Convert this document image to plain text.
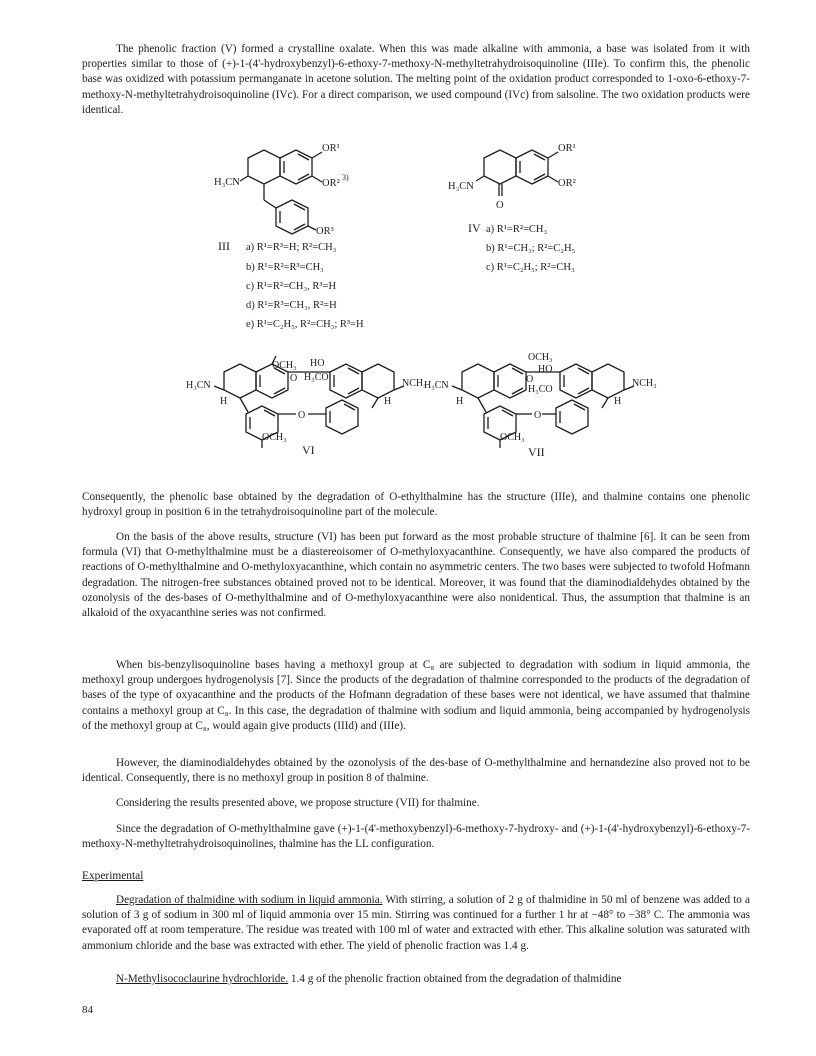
The phenolic fraction (V) formed a crystalline oxalate. When this was made alkaline with ammonia, a base was isolated from it with properties similar to those of (+)-1-(4'-hydroxybenzyl)-6-ethoxy-7-methoxy-N-methyltetrahydroisoquinoline (IIIe). To confirm this, the phenolic base was oxidized with potassium permanganate in acetone solution. The melting point of the oxidation product corresponded to 1-oxo-6-ethoxy-7-methoxy-N-methyltetrahydroisoquinoline (IVc). For a direct comparison, we used compound (IVc) from salsoline. The two oxidation products were identical.

H₃CN
OR¹
OR²
3)
OR³
III a) R¹=R³=H; R²=CH₃
b) R¹=R²=R³=CH₃
c) R¹=R²=CH₃, R³=H
d) R¹=R³=CH₃, R²=H
e) R¹=C₂H₅, R²=CH₃; R³=H
H₃CN
OR¹
OR²
O
IV a) R¹=R²=CH₃
b) R¹=CH₃; R²=C₂H₅
c) R¹=C₂H₅; R²=CH₃
H₃CN
H
OCH₃ HO
H₃CO
O	NCH₃
H
O
OCH₃
VI
H₃CN
H
OCH₃
HO
O
H₃CO
NCH₃
H
O
OCH₃
VII

Consequently, the phenolic base obtained by the degradation of O-ethylthalmine has the structure (IIIe), and thalmine contains one phenolic hydroxyl group in position 6 in the tetrahydroisoquinoline part of the molecule.

On the basis of the above results, structure (VI) has been put forward as the most probable structure of thalmine [6]. It can be seen from formula (VI) that O-methylthalmine must be a diastereoisomer of O-methyloxyacanthine. Consequently, we have also compared the products of reactions of O-methylthalmine and O-methyloxyacanthine, which contain no asymmetric centers. The two bases were subjected to twofold Hofmann degradation. The nitrogen-free substances obtained proved not to be identical. Moreover, it was found that the diaminodialdehydes obtained by the ozonolysis of the des-bases of O-methylthalmine and of O-methyloxyacanthine were also nonidentical. Thus, the assumption that thalmine is an alkaloid of the oxyacanthine series was not confirmed.

When bis-benzylisoquinoline bases having a methoxyl group at C₈ are subjected to degradation with sodium in liquid ammonia, the methoxyl group undergoes hydrogenolysis [7]. Since the products of the degradation of thalmine corresponded to the products of the degradation of bases of the type of oxyacanthine and the products of the Hofmann degradation of these bases were not identical, we have assumed that thalmine contains a methoxyl group at C₈. In this case, the degradation of thalmine with sodium and liquid ammonia, being accompanied by hydrogenolysis of the methoxyl group at C₈, would again give products (IIId) and (IIIe).

However, the diaminodialdehydes obtained by the ozonolysis of the des-base of O-methylthalmine and hernandezine also proved not to be identical. Consequently, there is no methoxyl group in position 8 of thalmine.

Considering the results presented above, we propose structure (VII) for thalmine.

Since the degradation of O-methylthalmine gave (+)-1-(4'-methoxybenzyl)-6-methoxy-7-hydroxy- and (+)-1-(4'-hydroxybenzyl)-6-ethoxy-7-methoxy-N-methyltetrahydroisoquinolines, thalmine has the LL configuration.

Experimental

Degradation of thalmidine with sodium in liquid ammonia. With stirring, a solution of 2 g of thalmidine in 50 ml of benzene was added to a solution of 3 g of sodium in 300 ml of liquid ammonia over 15 min. Stirring was continued for a further 1 hr at −48° to −38° C. The ammonia was evaporated off at room temperature. The residue was treated with 100 ml of water and extracted with ether. This alkaline solution was saturated with ammonium chloride and the base was extracted with ether. The yield of phenolic fraction was 1.4 g.

N-Methylisococlaurine hydrochloride. 1.4 g of the phenolic fraction obtained from the degradation of thalmidine

84
